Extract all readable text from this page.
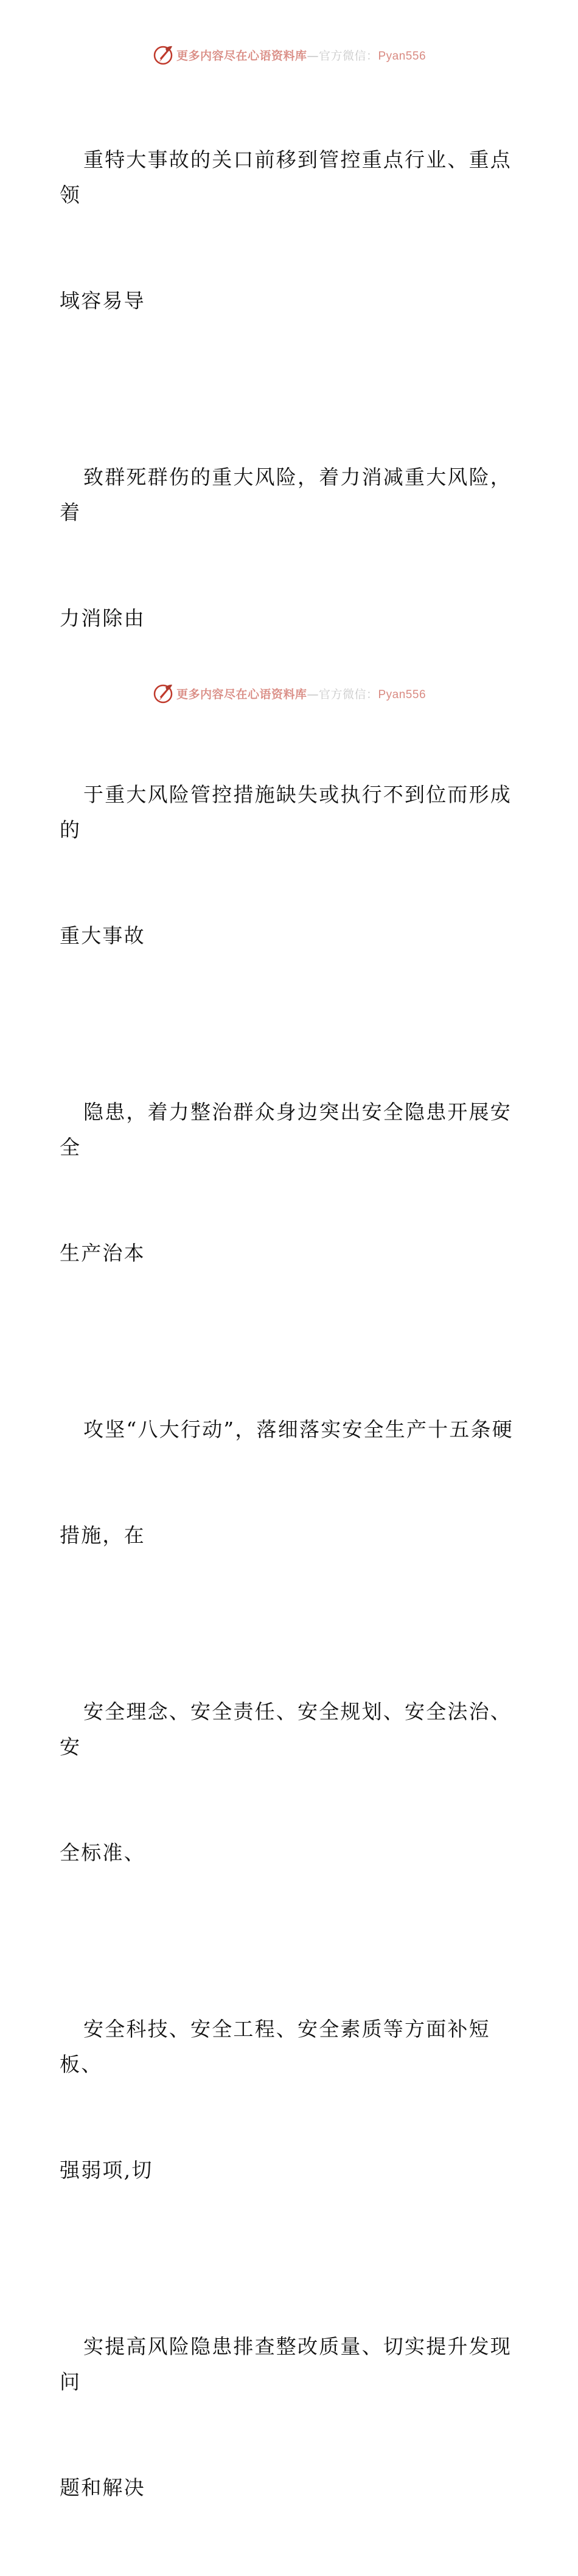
更多内容尽在心语资料库—官方微信：Pyan556

重特大事故的关口前移到管控重点行业、重点领

域容易导

致群死群伤的重大风险，着力消减重大风险，着

力消除由

于重大风险管控措施缺失或执行不到位而形成的

重大事故

隐患，着力整治群众身边突出安全隐患开展安全

生产治本

攻坚“八大行动”，落细落实安全生产十五条硬

措施，在

安全理念、安全责任、安全规划、安全法治、安

全标准、

安全科技、安全工程、安全素质等方面补短板、

强弱项,切

实提高风险隐患排查整改质量、切实提升发现问

题和解决

更多内容尽在心语资料库—官方微信：Pyan556
